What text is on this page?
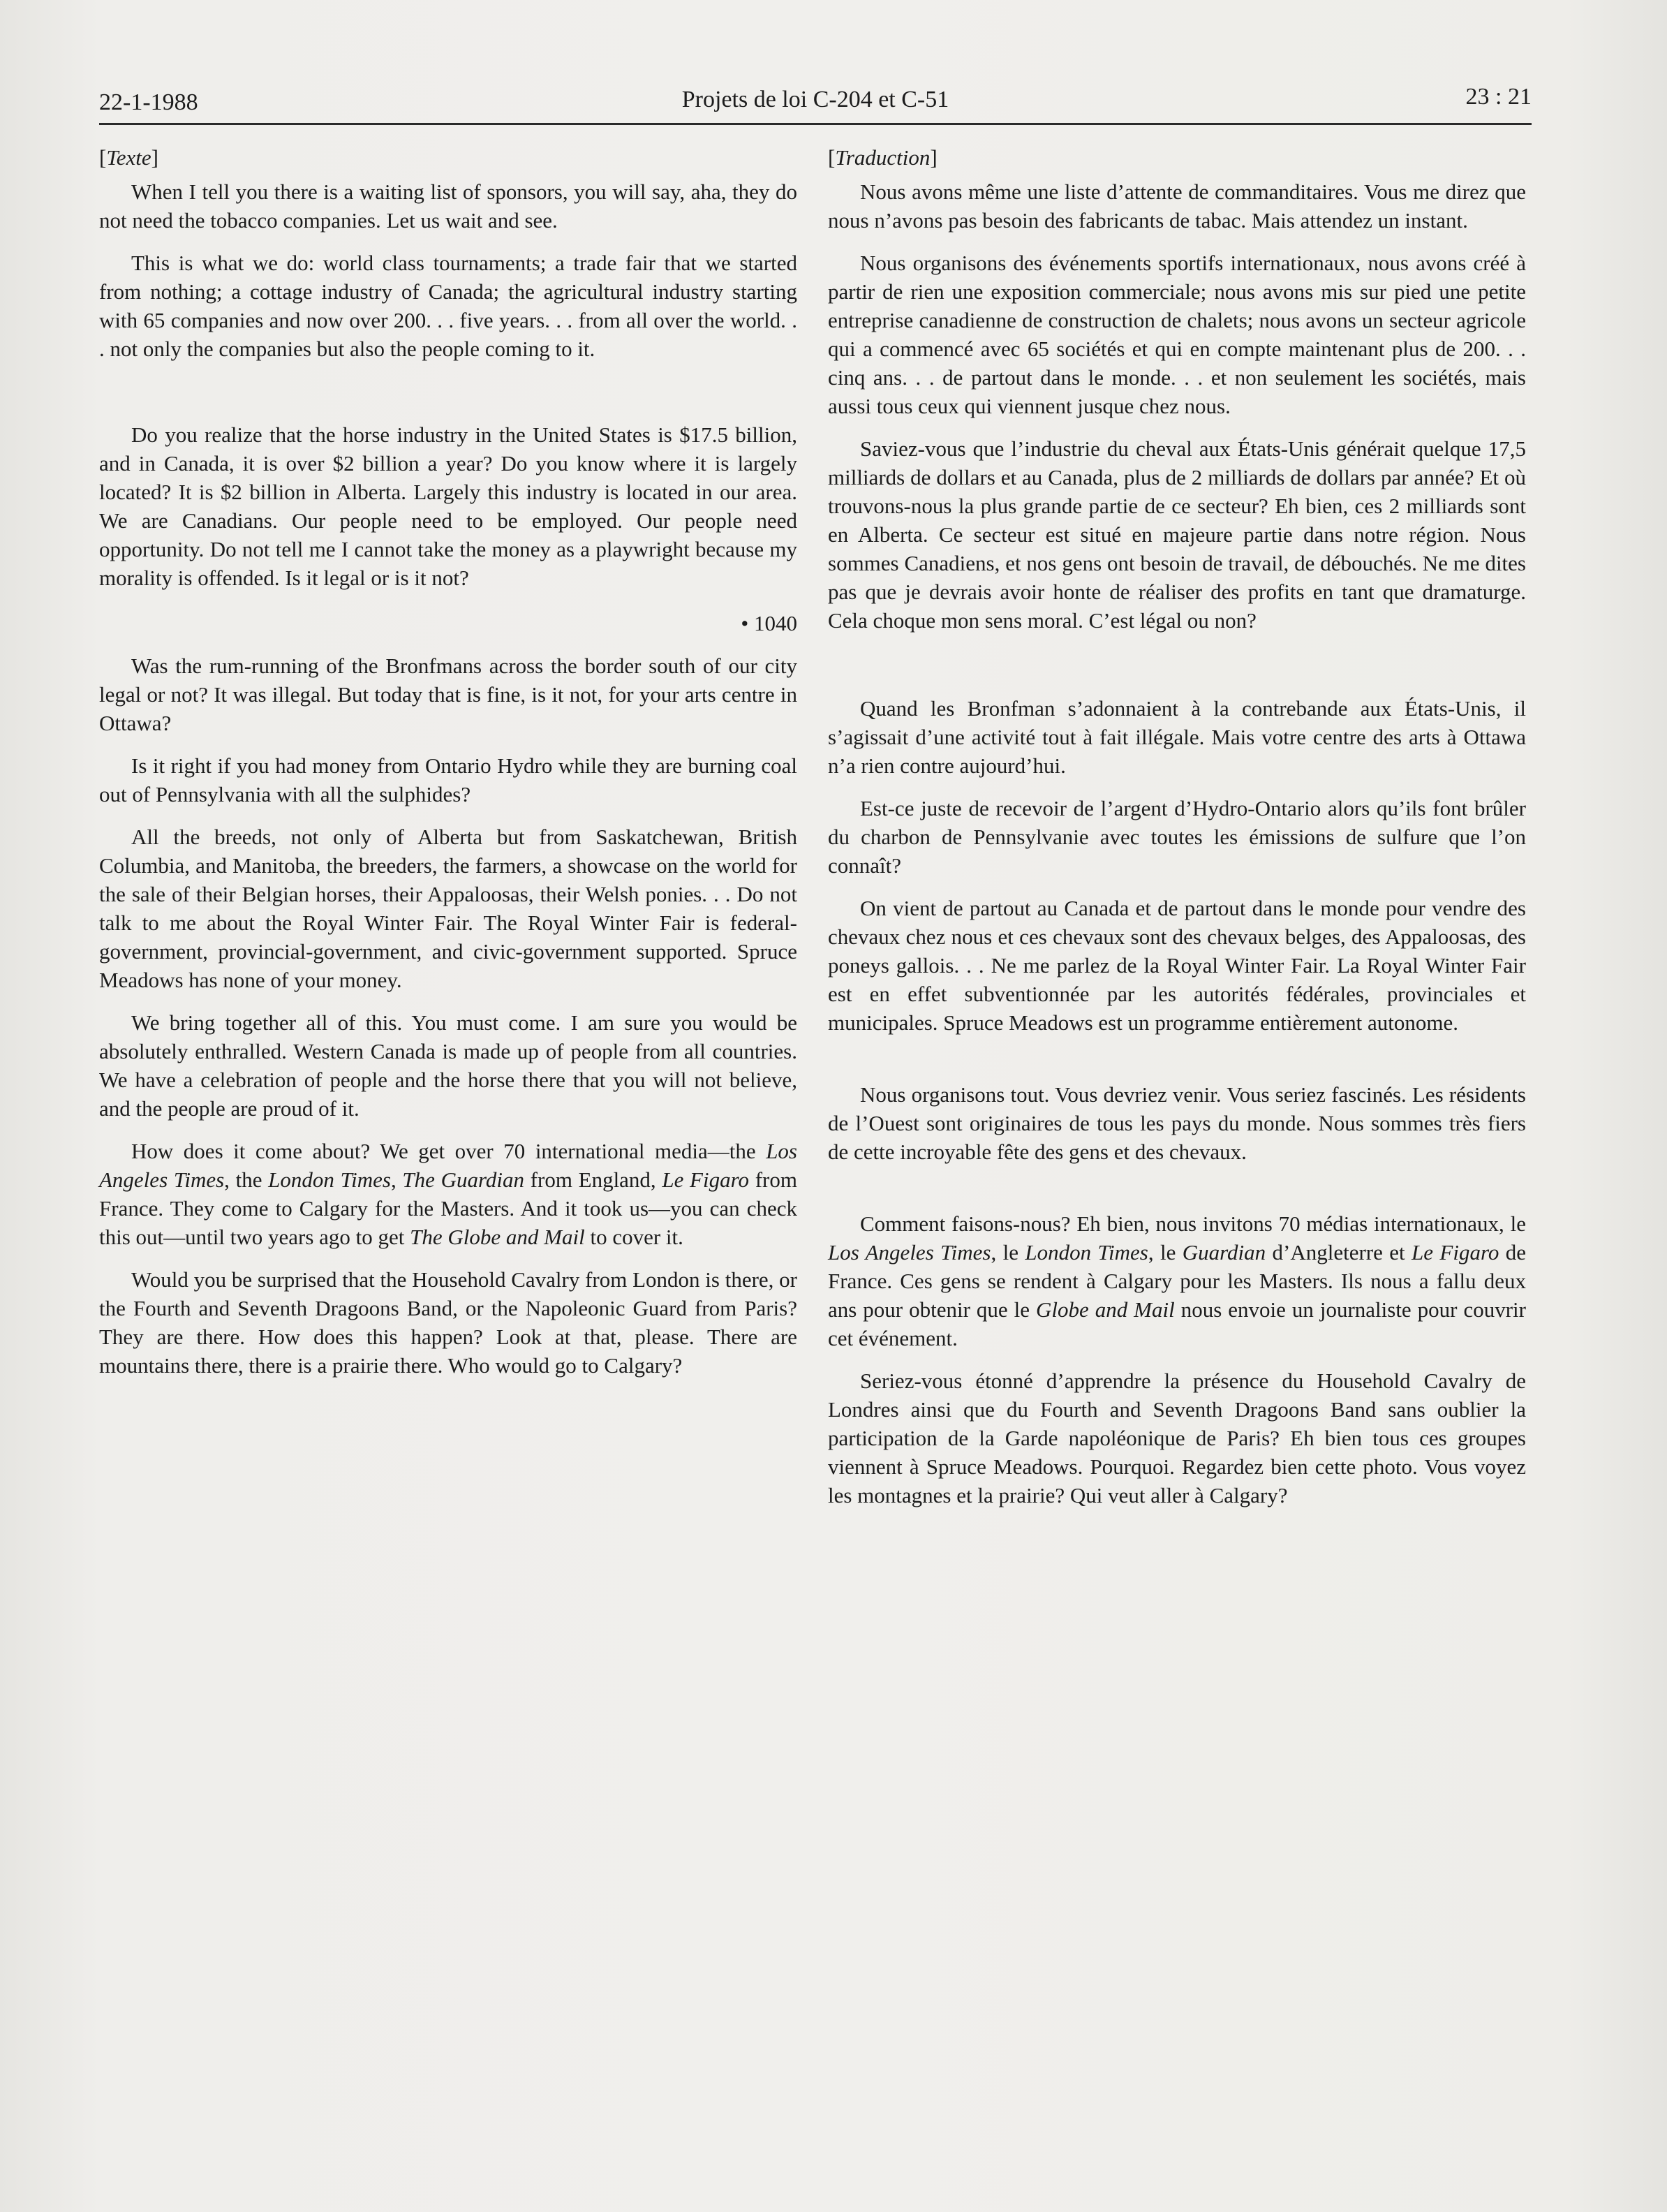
22-1-1988	Projets de loi C-204 et C-51	23 : 21

[Texte]

When I tell you there is a waiting list of sponsors, you will say, aha, they do not need the tobacco companies. Let us wait and see.

This is what we do: world class tournaments; a trade fair that we started from nothing; a cottage industry of Canada; the agricultural industry starting with 65 companies and now over 200. . . five years. . . from all over the world. . . not only the companies but also the people coming to it.

Do you realize that the horse industry in the United States is $17.5 billion, and in Canada, it is over $2 billion a year? Do you know where it is largely located? It is $2 billion in Alberta. Largely this industry is located in our area. We are Canadians. Our people need to be employed. Our people need opportunity. Do not tell me I cannot take the money as a playwright because my morality is offended. Is it legal or is it not?

• 1040

Was the rum-running of the Bronfmans across the border south of our city legal or not? It was illegal. But today that is fine, is it not, for your arts centre in Ottawa?

Is it right if you had money from Ontario Hydro while they are burning coal out of Pennsylvania with all the sulphides?

All the breeds, not only of Alberta but from Saskatchewan, British Columbia, and Manitoba, the breeders, the farmers, a showcase on the world for the sale of their Belgian horses, their Appaloosas, their Welsh ponies. . . Do not talk to me about the Royal Winter Fair. The Royal Winter Fair is federal-government, provincial-government, and civic-government supported. Spruce Meadows has none of your money.

We bring together all of this. You must come. I am sure you would be absolutely enthralled. Western Canada is made up of people from all countries. We have a celebration of people and the horse there that you will not believe, and the people are proud of it.

How does it come about? We get over 70 international media—the Los Angeles Times, the London Times, The Guardian from England, Le Figaro from France. They come to Calgary for the Masters. And it took us—you can check this out—until two years ago to get The Globe and Mail to cover it.

Would you be surprised that the Household Cavalry from London is there, or the Fourth and Seventh Dragoons Band, or the Napoleonic Guard from Paris? They are there. How does this happen? Look at that, please. There are mountains there, there is a prairie there. Who would go to Calgary?

[Traduction]

Nous avons même une liste d’attente de commanditaires. Vous me direz que nous n’avons pas besoin des fabricants de tabac. Mais attendez un instant.

Nous organisons des événements sportifs internationaux, nous avons créé à partir de rien une exposition commerciale; nous avons mis sur pied une petite entreprise canadienne de construction de chalets; nous avons un secteur agricole qui a commencé avec 65 sociétés et qui en compte maintenant plus de 200. . . cinq ans. . . de partout dans le monde. . . et non seulement les sociétés, mais aussi tous ceux qui viennent jusque chez nous.

Saviez-vous que l’industrie du cheval aux États-Unis générait quelque 17,5 milliards de dollars et au Canada, plus de 2 milliards de dollars par année? Et où trouvons-nous la plus grande partie de ce secteur? Eh bien, ces 2 milliards sont en Alberta. Ce secteur est situé en majeure partie dans notre région. Nous sommes Canadiens, et nos gens ont besoin de travail, de débouchés. Ne me dites pas que je devrais avoir honte de réaliser des profits en tant que dramaturge. Cela choque mon sens moral. C’est légal ou non?

Quand les Bronfman s’adonnaient à la contrebande aux États-Unis, il s’agissait d’une activité tout à fait illégale. Mais votre centre des arts à Ottawa n’a rien contre aujourd’hui.

Est-ce juste de recevoir de l’argent d’Hydro-Ontario alors qu’ils font brûler du charbon de Pennsylvanie avec toutes les émissions de sulfure que l’on connaît?

On vient de partout au Canada et de partout dans le monde pour vendre des chevaux chez nous et ces chevaux sont des chevaux belges, des Appaloosas, des poneys gallois. . . Ne me parlez de la Royal Winter Fair. La Royal Winter Fair est en effet subventionnée par les autorités fédérales, provinciales et municipales. Spruce Meadows est un programme entièrement autonome.

Nous organisons tout. Vous devriez venir. Vous seriez fascinés. Les résidents de l’Ouest sont originaires de tous les pays du monde. Nous sommes très fiers de cette incroyable fête des gens et des chevaux.

Comment faisons-nous? Eh bien, nous invitons 70 médias internationaux, le Los Angeles Times, le London Times, le Guardian d’Angleterre et Le Figaro de France. Ces gens se rendent à Calgary pour les Masters. Ils nous a fallu deux ans pour obtenir que le Globe and Mail nous envoie un journaliste pour couvrir cet événement.

Seriez-vous étonné d’apprendre la présence du Household Cavalry de Londres ainsi que du Fourth and Seventh Dragoons Band sans oublier la participation de la Garde napoléonique de Paris? Eh bien tous ces groupes viennent à Spruce Meadows. Pourquoi. Regardez bien cette photo. Vous voyez les montagnes et la prairie? Qui veut aller à Calgary?
